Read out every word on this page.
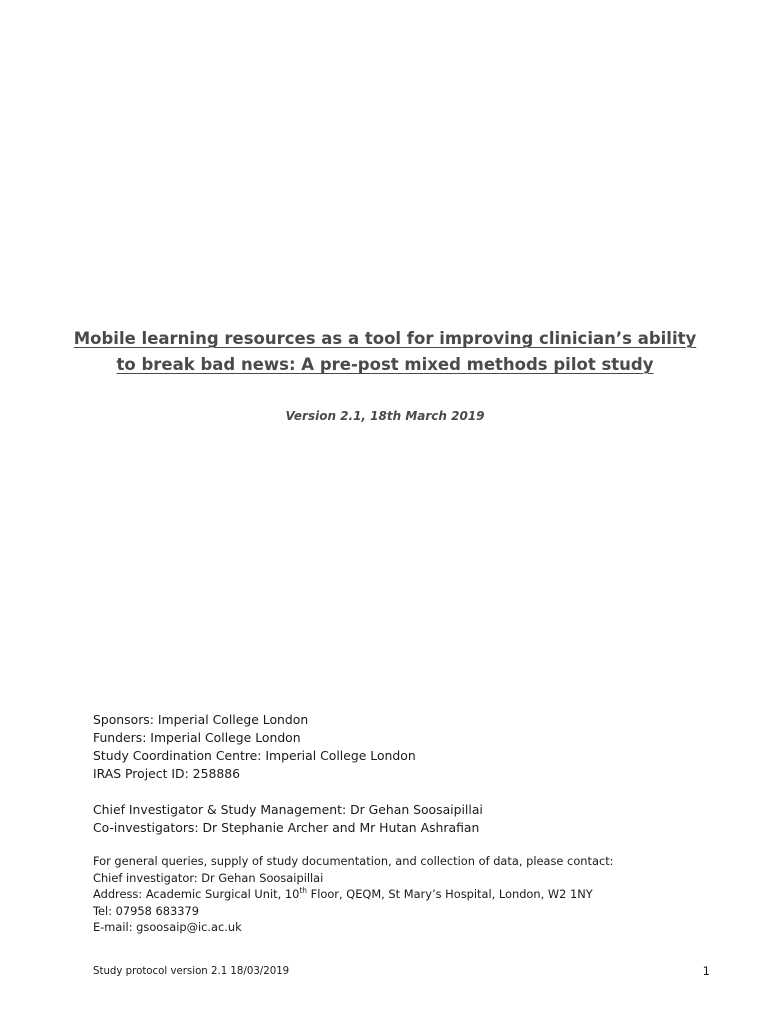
Mobile learning resources as a tool for improving clinician’s ability
to break bad news: A pre-post mixed methods pilot study
Version 2.1, 18th March 2019
Sponsors: Imperial College London
Funders: Imperial College London
Study Coordination Centre: Imperial College London
IRAS Project ID: 258886
Chief Investigator & Study Management: Dr Gehan Soosaipillai
Co-investigators: Dr Stephanie Archer and Mr Hutan Ashrafian
For general queries, supply of study documentation, and collection of data, please contact:
Chief investigator: Dr Gehan Soosaipillai
Address: Academic Surgical Unit, 10th Floor, QEQM, St Mary’s Hospital, London, W2 1NY
Tel: 07958 683379
E-mail: gsoosaip@ic.ac.uk
Study protocol version 2.1 18/03/2019	1
